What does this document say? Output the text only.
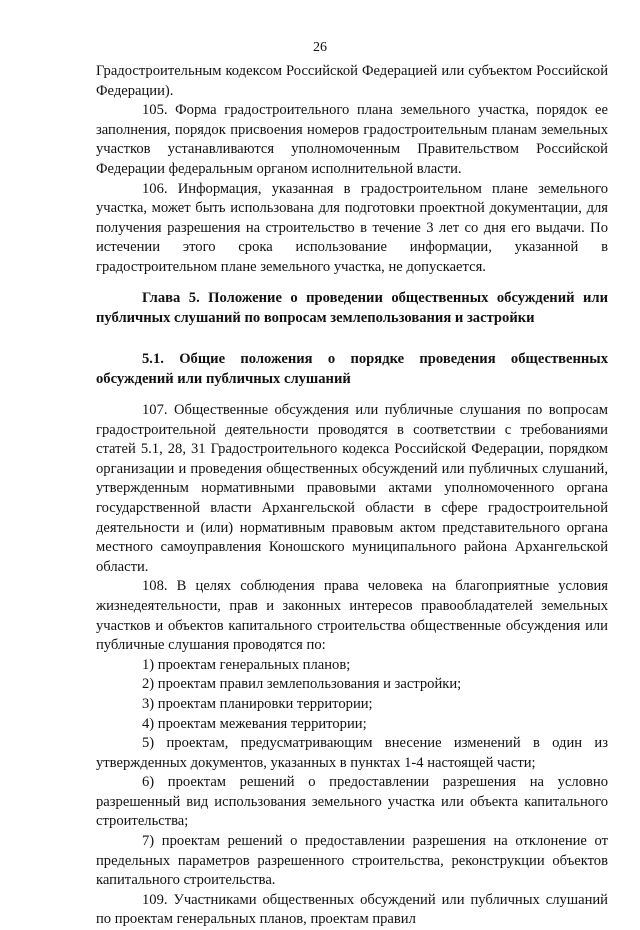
26

Градостроительным кодексом Российской Федерацией или субъектом Российской Федерации).

105. Форма градостроительного плана земельного участка, порядок ее заполнения, порядок присвоения номеров градостроительным планам земельных участков устанавливаются уполномоченным Правительством Российской Федерации федеральным органом исполнительной власти.

106. Информация, указанная в градостроительном плане земельного участка, может быть использована для подготовки проектной документации, для получения разрешения на строительство в течение 3 лет со дня его выдачи. По истечении этого срока использование информации, указанной в градостроительном плане земельного участка, не допускается.

Глава 5. Положение о проведении общественных обсуждений или публичных слушаний по вопросам землепользования и застройки
5.1. Общие положения о порядке проведения общественных обсуждений или публичных слушаний

107. Общественные обсуждения или публичные слушания по вопросам градостроительной деятельности проводятся в соответствии с требованиями статей 5.1, 28, 31 Градостроительного кодекса Российской Федерации, порядком организации и проведения общественных обсуждений или публичных слушаний, утвержденным нормативными правовыми актами уполномоченного органа государственной власти Архангельской области в сфере градостроительной деятельности и (или) нормативным правовым актом представительного органа местного самоуправления Коношского муниципального района Архангельской области.

108. В целях соблюдения права человека на благоприятные условия жизнедеятельности, прав и законных интересов правообладателей земельных участков и объектов капитального строительства общественные обсуждения или публичные слушания проводятся по:

1) проектам генеральных планов;

2) проектам правил землепользования и застройки;

3) проектам планировки территории;

4) проектам межевания территории;

5) проектам, предусматривающим внесение изменений в один из утвержденных документов, указанных в пунктах 1-4 настоящей части;

6) проектам решений о предоставлении разрешения на условно разрешенный вид использования земельного участка или объекта капитального строительства;

7) проектам решений о предоставлении разрешения на отклонение от предельных параметров разрешенного строительства, реконструкции объектов капитального строительства.

109. Участниками общественных обсуждений или публичных слушаний по проектам генеральных планов, проектам правил
